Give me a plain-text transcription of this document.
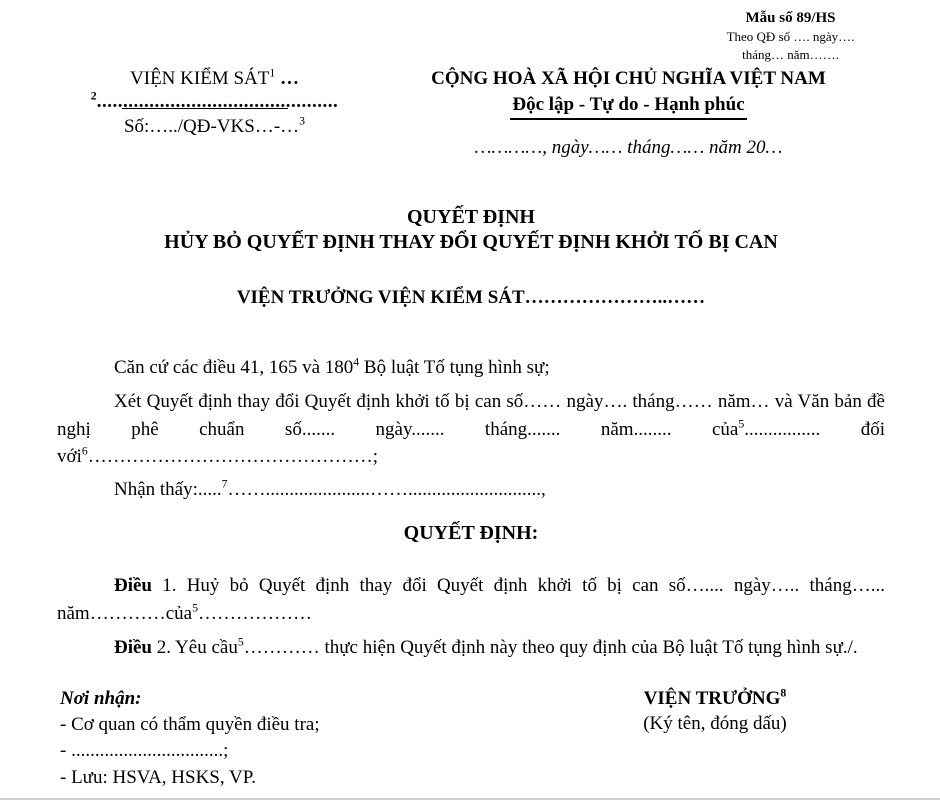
Mẫu số 89/HS
Theo QĐ số …. ngày….
tháng… năm…….
VIỆN KIỂM SÁT$^1$ …
$^2$..............................................
Số:…../QĐ-VKS…-…$^3$
CỘNG HOÀ XÃ HỘI CHỦ NGHĨA VIỆT NAM
Độc lập - Tự do - Hạnh phúc
…………, ngày…… tháng…… năm 20…
QUYẾT ĐỊNH
HỦY BỎ QUYẾT ĐỊNH THAY ĐỔI QUYẾT ĐỊNH KHỞI TỐ BỊ CAN
VIỆN TRƯỞNG VIỆN KIỂM SÁT…………………..……

Căn cứ các điều 41, 165 và $180^4$ Bộ luật Tố tụng hình sự;

Xét Quyết định thay đổi Quyết định khởi tố bị can số…… ngày…. tháng…… năm… và Văn bản đề nghị phê chuẩn số....... ngày....... tháng....... năm........ của$^5$................ đối với$^6$………………………………………;

Nhận thấy:.....$^7$……......................……............................,

QUYẾT ĐỊNH:

Điều 1. Huỷ bỏ Quyết định thay đổi Quyết định khởi tố bị can số….... ngày….. tháng…... năm…………của$^5$………………

Điều 2. Yêu cầu$^5$………… thực hiện Quyết định này theo quy định của Bộ luật Tố tụng hình sự./.

Nơi nhận:
- Cơ quan có thẩm quyền điều tra;
- ................................;
- Lưu: HSVA, HSKS, VP.
VIỆN TRƯỞNG$^8$
(Ký tên, đóng dấu)
